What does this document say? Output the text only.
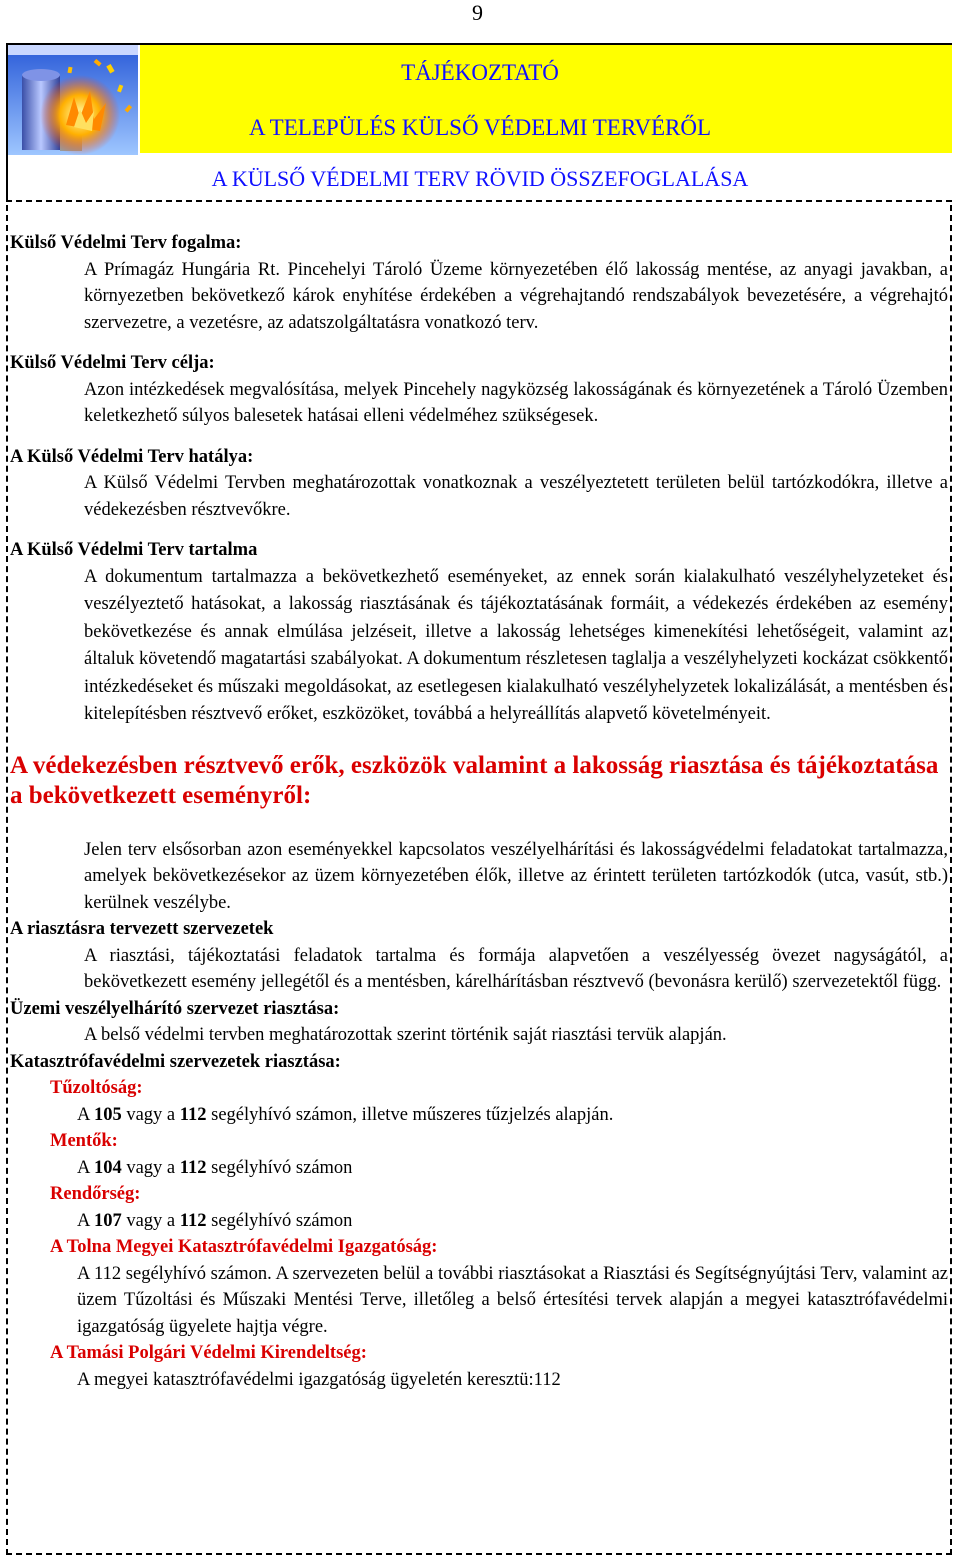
9
TÁJÉKOZTATÓ
A TELEPÜLÉS KÜLSŐ VÉDELMI TERVÉRŐL
A KÜLSŐ VÉDELMI TERV RÖVID ÖSSZEFOGLALÁSA

Külső Védelmi Terv fogalma:

A Prímagáz Hungária Rt. Pincehelyi Tároló Üzeme környezetében élő lakosság mentése, az anyagi javakban, a környezetben bekövetkező károk enyhítése érdekében a végrehajtandó rendszabályok bevezetésére, a végrehajtó szervezetre, a vezetésre, az adatszolgáltatásra vonatkozó terv.

Külső Védelmi Terv célja:

Azon intézkedések megvalósítása, melyek Pincehely nagyközség lakosságának és környezetének a Tároló Üzemben keletkezhető súlyos balesetek hatásai elleni védelméhez szükségesek.

A Külső Védelmi Terv hatálya:

A Külső Védelmi Tervben meghatározottak vonatkoznak a veszélyeztetett területen belül tartózkodókra, illetve a védekezésben résztvevőkre.

A Külső Védelmi Terv tartalma

A dokumentum tartalmazza a bekövetkezhető eseményeket, az ennek során kialakulható veszélyhelyzeteket és veszélyeztető hatásokat, a lakosság riasztásának és tájékoztatásának formáit, a védekezés érdekében az esemény bekövetkezése és annak elmúlása jelzéseit, illetve a lakosság lehetséges kimenekítési lehetőségeit, valamint az általuk követendő magatartási szabályokat. A dokumentum részletesen taglalja a veszélyhelyzeti kockázat csökkentő intézkedéseket és műszaki megoldásokat, az esetlegesen kialakulható veszélyhelyzetek lokalizálását, a mentésben és kitelepítésben résztvevő erőket, eszközöket, továbbá a helyreállítás alapvető követelményeit.

A védekezésben résztvevő erők, eszközök valamint a lakosság riasztása és tájékoztatása a bekövetkezett eseményről:

Jelen terv elsősorban azon eseményekkel kapcsolatos veszélyelhárítási és lakosságvédelmi feladatokat tartalmazza, amelyek bekövetkezésekor az üzem környezetében élők, illetve az érintett területen tartózkodók (utca, vasút, stb.) kerülnek veszélybe.

A riasztásra tervezett szervezetek

A riasztási, tájékoztatási feladatok tartalma és formája alapvetően a veszélyesség övezet nagyságától, a bekövetkezett esemény jellegétől és a mentésben, kárelhárításban résztvevő (bevonásra kerülő) szervezetektől függ.

Üzemi veszélyelhárító szervezet riasztása:

A belső védelmi tervben meghatározottak szerint történik saját riasztási tervük alapján.

Katasztrófavédelmi szervezetek riasztása:

Tűzoltóság:

A 105 vagy a 112 segélyhívó számon, illetve műszeres tűzjelzés alapján.

Mentők:

A 104 vagy a 112 segélyhívó számon

Rendőrség:

A 107 vagy a 112 segélyhívó számon

A Tolna Megyei Katasztrófavédelmi Igazgatóság:

A 112 segélyhívó számon. A szervezeten belül a további riasztásokat a Riasztási és Segítségnyújtási Terv, valamint az üzem Tűzoltási és Műszaki Mentési Terve, illetőleg a belső értesítési tervek alapján a megyei katasztrófavédelmi igazgatóság ügyelete hajtja végre.

A Tamási Polgári Védelmi Kirendeltség:

A megyei katasztrófavédelmi igazgatóság ügyeletén keresztü:112
